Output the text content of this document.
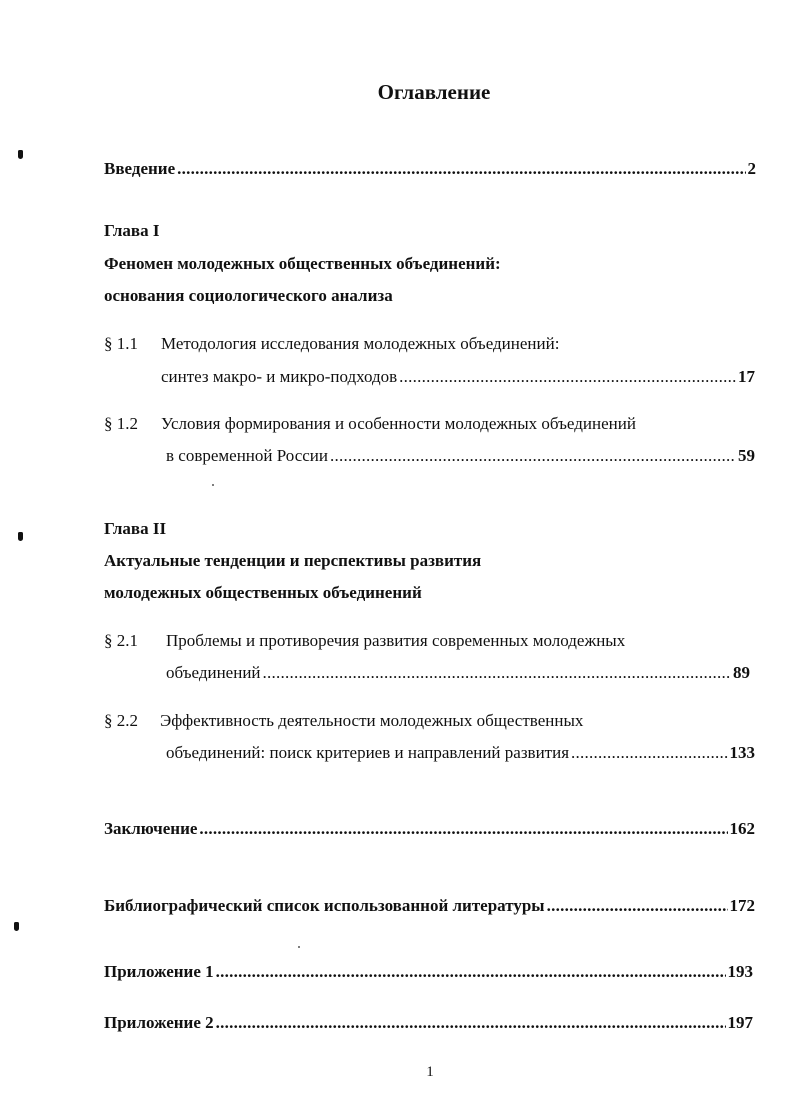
Оглавление
Введение . . .	2
Глава I
Феномен молодежных общественных объединений:
основания социологического анализа
§ 1.1 Методология исследования молодежных объединений:
синтез макро- и микро-подходов . . .	17
§ 1.2 Условия формирования и особенности молодежных объединений
в современной России . . .	59
Глава II
Актуальные тенденции и перспективы развития
молодежных общественных объединений
§ 2.1 Проблемы и противоречия развития современных молодежных
объединений . . .	89
§ 2.2 Эффективность деятельности молодежных общественных
объединений: поиск критериев и направлений развития . . .	133
Заключение . . .	162
Библиографический список использованной литературы . . .	172
Приложение 1 . . .	193
Приложение 2 . . .	197
1
